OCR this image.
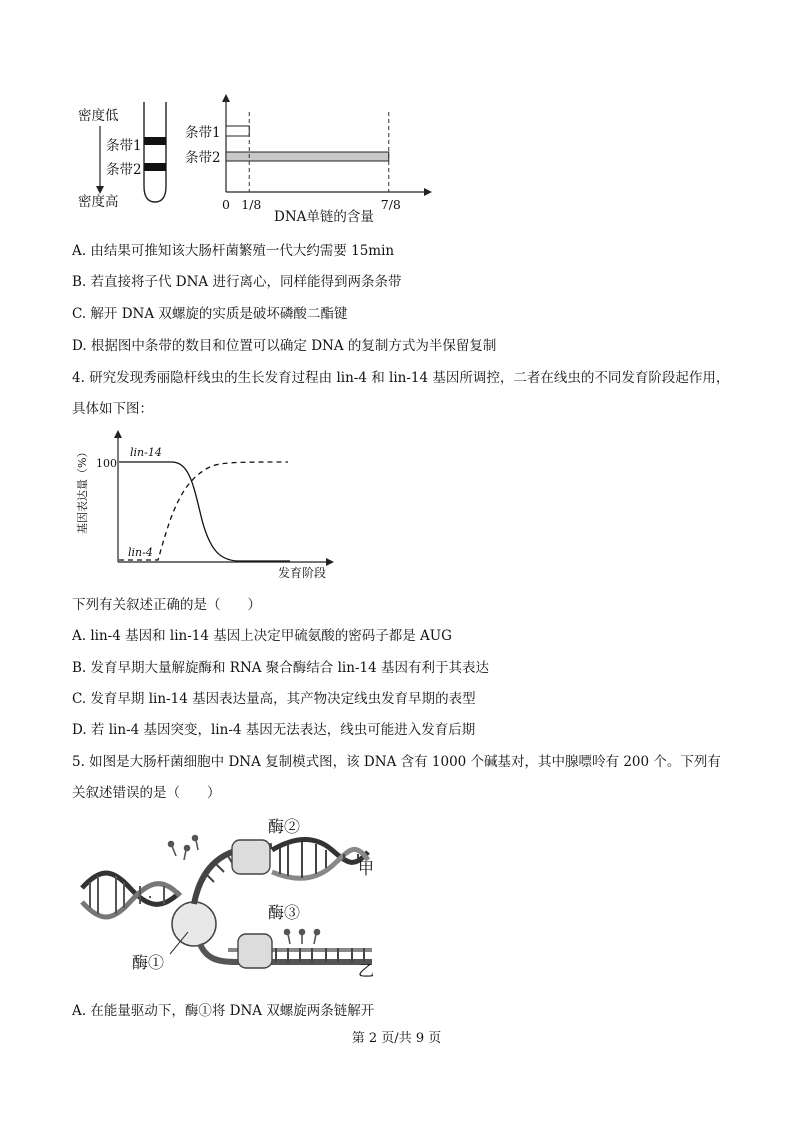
密度低
密度高
条带1
条带2
条带1
条带2
0 1/8	7/8
DNA单链的含量
A. 由结果可推知该大肠杆菌繁殖一代大约需要 15min
B. 若直接将子代 DNA 进行离心，同样能得到两条条带
C. 解开 DNA 双螺旋的实质是破坏磷酸二酯键
D. 根据图中条带的数目和位置可以确定 DNA 的复制方式为半保留复制
4. 研究发现秀丽隐杆线虫的生长发育过程由 lin-4 和 lin-14 基因所调控，二者在线虫的不同发育阶段起作用，
具体如下图：
基因表达量（%） 100
lin-14
lin-4
发育阶段
下列有关叙述正确的是（　　）
A. lin-4 基因和 lin-14 基因上决定甲硫氨酸的密码子都是 AUG
B. 发育早期大量解旋酶和 RNA 聚合酶结合 lin-14 基因有利于其表达
C. 发育早期 lin-14 基因表达量高，其产物决定线虫发育早期的表型
D. 若 lin-4 基因突变，lin-4 基因无法表达，线虫可能进入发育后期
5. 如图是大肠杆菌细胞中 DNA 复制模式图，该 DNA 含有 1000 个碱基对，其中腺嘌呤有 200 个。下列有
关叙述错误的是（　　）
酶①
酶②
酶③
甲
乙
A. 在能量驱动下，酶①将 DNA 双螺旋两条链解开
第 2 页/共 9 页
